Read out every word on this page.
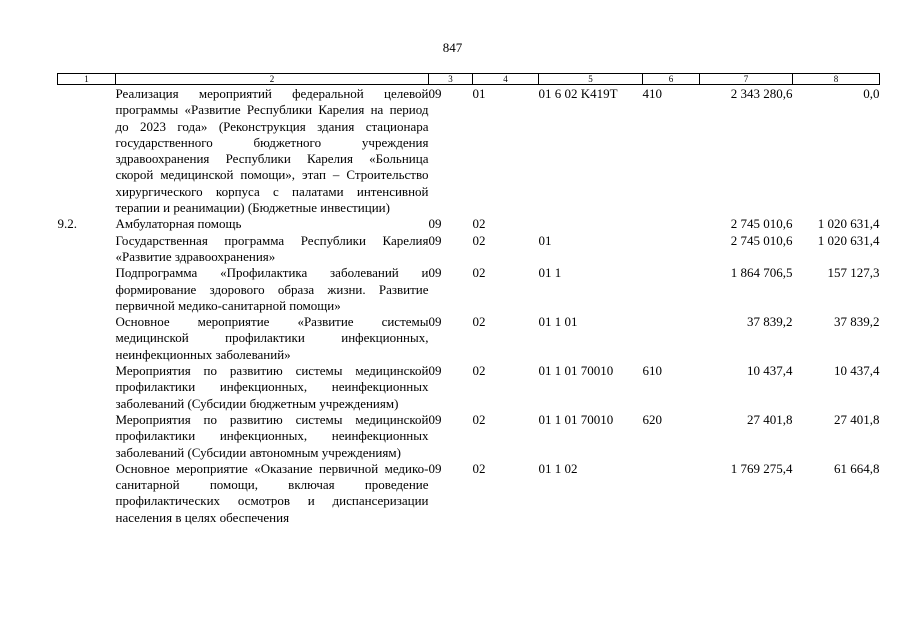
847
1	2	3	4	5	6	7	8
	Реализация мероприятий федеральной целевой программы «Развитие Республики Карелия на период до 2023 года» (Реконструкция здания стационара государственного бюджетного учреждения здравоохранения Республики Карелия «Больница скорой медицинской помощи», этап – Строительство хирургического корпуса с палатами интенсивной терапии и реанимации) (Бюджетные инвестиции)	09	01	01 6 02 K419T	410	2 343 280,6	0,0
9.2.	Амбулаторная помощь	09	02			2 745 010,6	1 020 631,4
	Государственная программа Республики Карелия «Развитие здравоохранения»	09	02	01		2 745 010,6	1 020 631,4
	Подпрограмма «Профилактика заболеваний и формирование здорового образа жизни. Развитие первичной медико-санитарной помощи»	09	02	01 1		1 864 706,5	157 127,3
	Основное мероприятие «Развитие системы медицинской профилактики инфекционных, неинфекционных заболеваний»	09	02	01 1 01		37 839,2	37 839,2
	Мероприятия по развитию системы медицинской профилактики инфекционных, неинфекционных заболеваний (Субсидии бюджетным учреждениям)	09	02	01 1 01 70010	610	10 437,4	10 437,4
	Мероприятия по развитию системы медицинской профилактики инфекционных, неинфекционных заболеваний (Субсидии автономным учреждениям)	09	02	01 1 01 70010	620	27 401,8	27 401,8
	Основное мероприятие «Оказание первичной медико-санитарной помощи, включая проведение профилактических осмотров и диспансеризации населения в целях обеспечения	09	02	01 1 02		1 769 275,4	61 664,8
